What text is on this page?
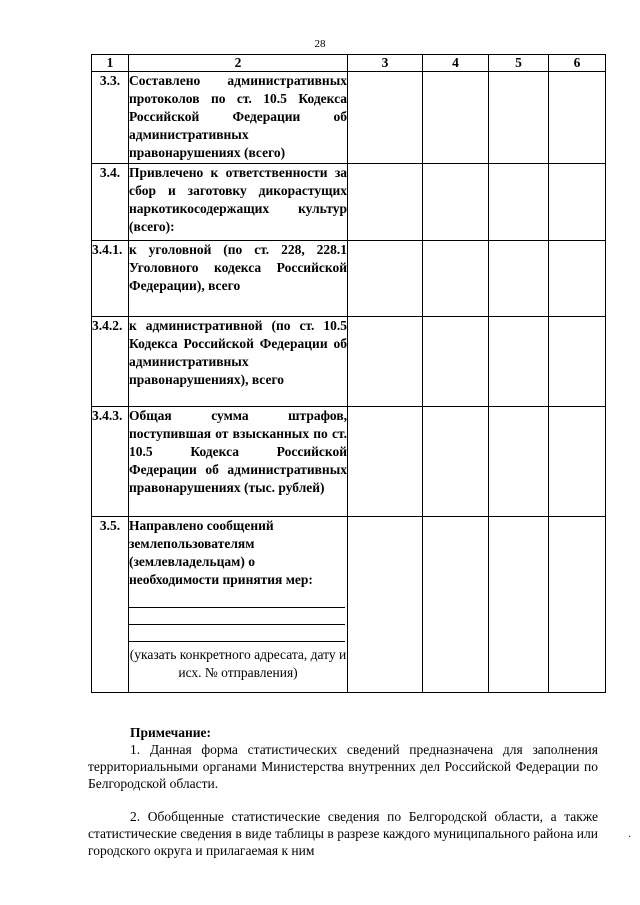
28
1	2	3	4	5	6
3.3.	Составлено административных протоколов по ст. 10.5 Кодекса Российской Федерации об административных правонарушениях (всего)				
3.4.	Привлечено к ответственности за сбор и заготовку дикорастущих наркотикосодержащих культур (всего):				
3.4.1.	к уголовной (по ст. 228, 228.1 Уголовного кодекса Российской Федерации), всего				
3.4.2.	к административной (по ст. 10.5 Кодекса Российской Федерации об административных правонарушениях), всего				
3.4.3.	Общая сумма штрафов, поступившая от взысканных по ст. 10.5 Кодекса Российской Федерации об административных правонарушениях (тыс. рублей)				
3.5.	Направлено сообщений землепользователям (землевладельцам) о необходимости принятия мер:
(указать конкретного адресата, дату и исх. № отправления)				

Примечание:
1. Данная форма статистических сведений предназначена для заполнения территориальными органами Министерства внутренних дел Российской Федерации по Белгородской области.
2. Обобщенные статистические сведения по Белгородской области, а также статистические сведения в виде таблицы в разрезе каждого муниципального района или городского округа и прилагаемая к ним
·
